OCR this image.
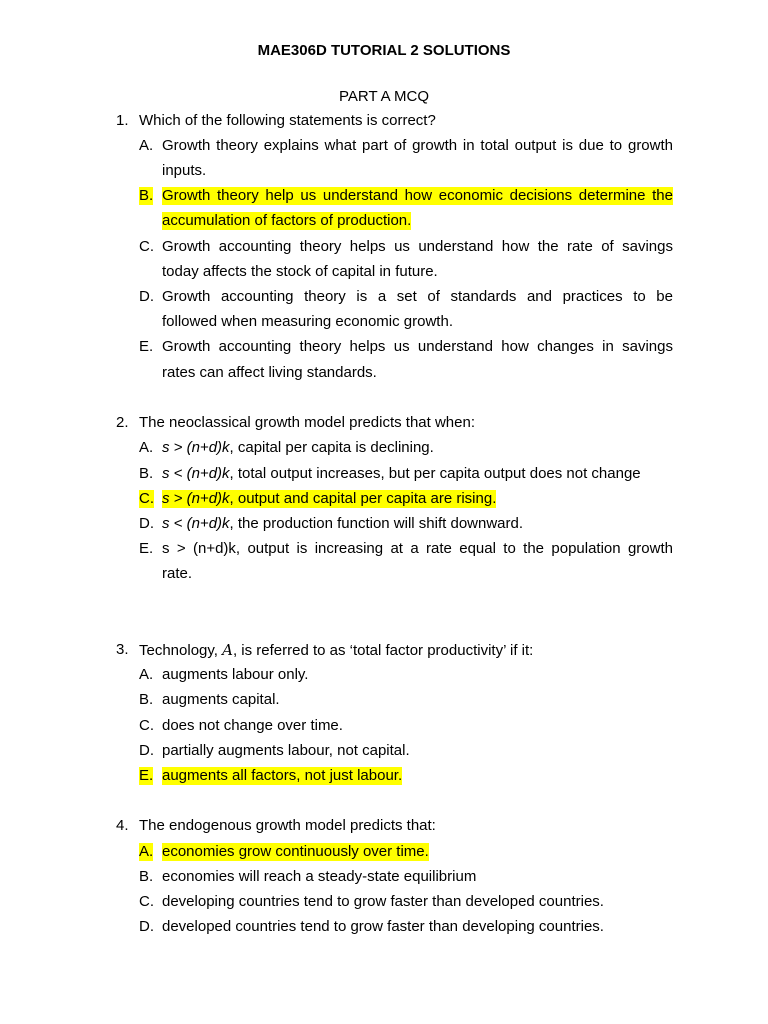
MAE306D TUTORIAL 2 SOLUTIONS
PART A MCQ
1. Which of the following statements is correct?
A. Growth theory explains what part of growth in total output is due to growth
inputs.
B. Growth theory help us understand how economic decisions determine the
accumulation of factors of production.
C. Growth accounting theory helps us understand how the rate of savings
today affects the stock of capital in future.
D. Growth accounting theory is a set of standards and practices to be
followed when measuring economic growth.
E. Growth accounting theory helps us understand how changes in savings
rates can affect living standards.
2. The neoclassical growth model predicts that when:
A. s > (n+d)k, capital per capita is declining.
B. s < (n+d)k, total output increases, but per capita output does not change
C. s > (n+d)k, output and capital per capita are rising.
D. s < (n+d)k, the production function will shift downward.
E. s > (n+d)k, output is increasing at a rate equal to the population growth
rate.
3. Technology, A, is referred to as ‘total factor productivity’ if it:
A. augments labour only.
B. augments capital.
C. does not change over time.
D. partially augments labour, not capital.
E. augments all factors, not just labour.
4. The endogenous growth model predicts that:
A. economies grow continuously over time.
B. economies will reach a steady-state equilibrium
C. developing countries tend to grow faster than developed countries.
D. developed countries tend to grow faster than developing countries.
